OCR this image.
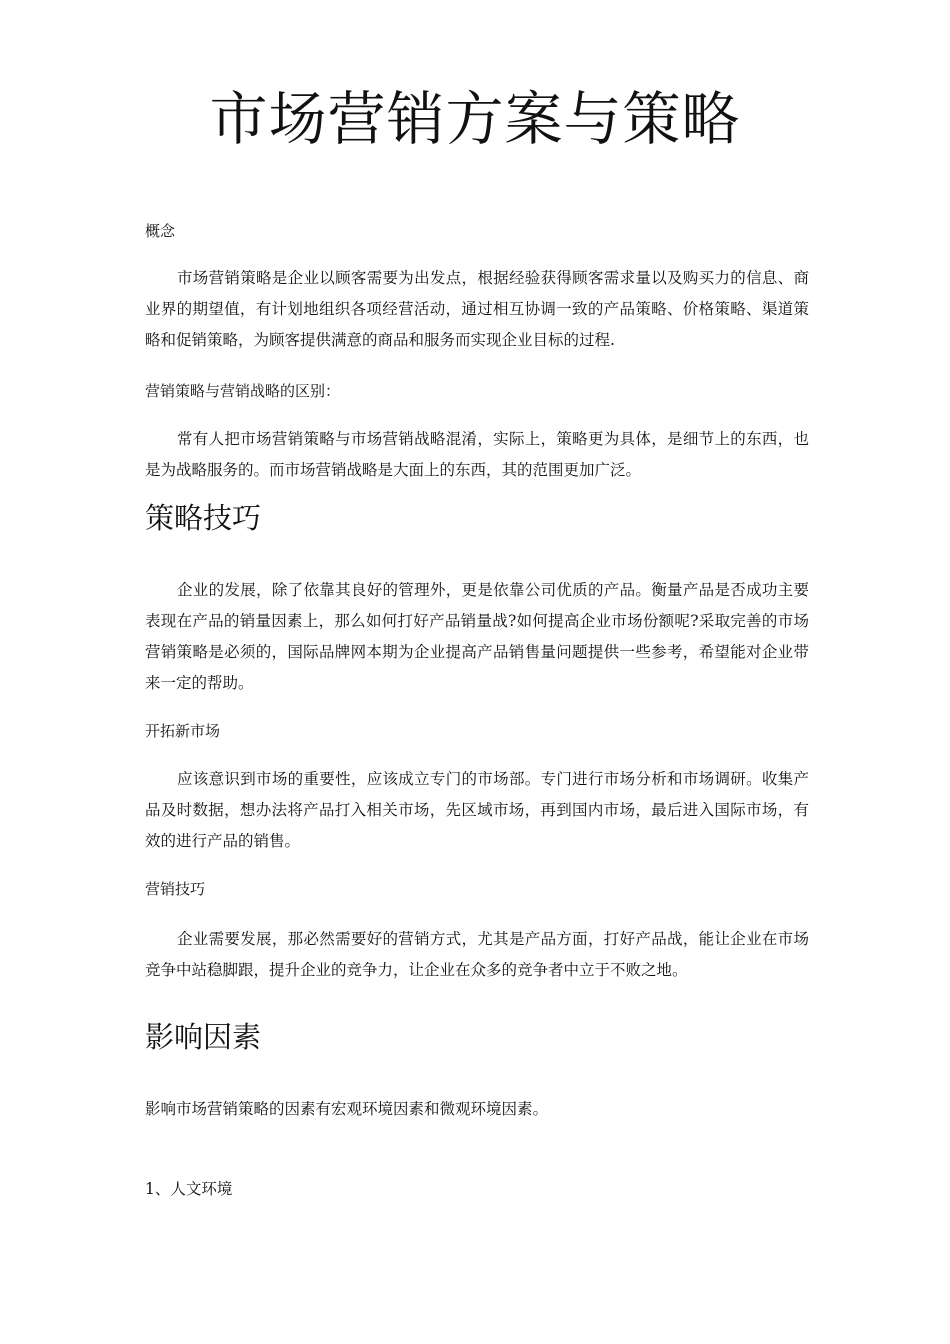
市场营销方案与策略

概念

市场营销策略是企业以顾客需要为出发点，根据经验获得顾客需求量以及购买力的信息、商业界的期望值，有计划地组织各项经营活动，通过相互协调一致的产品策略、价格策略、渠道策略和促销策略，为顾客提供满意的商品和服务而实现企业目标的过程.

营销策略与营销战略的区别：

常有人把市场营销策略与市场营销战略混淆，实际上，策略更为具体，是细节上的东西，也是为战略服务的。而市场营销战略是大面上的东西，其的范围更加广泛。

策略技巧

企业的发展，除了依靠其良好的管理外，更是依靠公司优质的产品。衡量产品是否成功主要表现在产品的销量因素上，那么如何打好产品销量战?如何提高企业市场份额呢?采取完善的市场营销策略是必须的，国际品牌网本期为企业提高产品销售量问题提供一些参考，希望能对企业带来一定的帮助。

开拓新市场

应该意识到市场的重要性，应该成立专门的市场部。专门进行市场分析和市场调研。收集产品及时数据，想办法将产品打入相关市场，先区域市场，再到国内市场，最后进入国际市场，有效的进行产品的销售。

营销技巧

企业需要发展，那必然需要好的营销方式，尤其是产品方面，打好产品战，能让企业在市场竞争中站稳脚跟，提升企业的竞争力，让企业在众多的竞争者中立于不败之地。

影响因素

影响市场营销策略的因素有宏观环境因素和微观环境因素。

1、人文环境
